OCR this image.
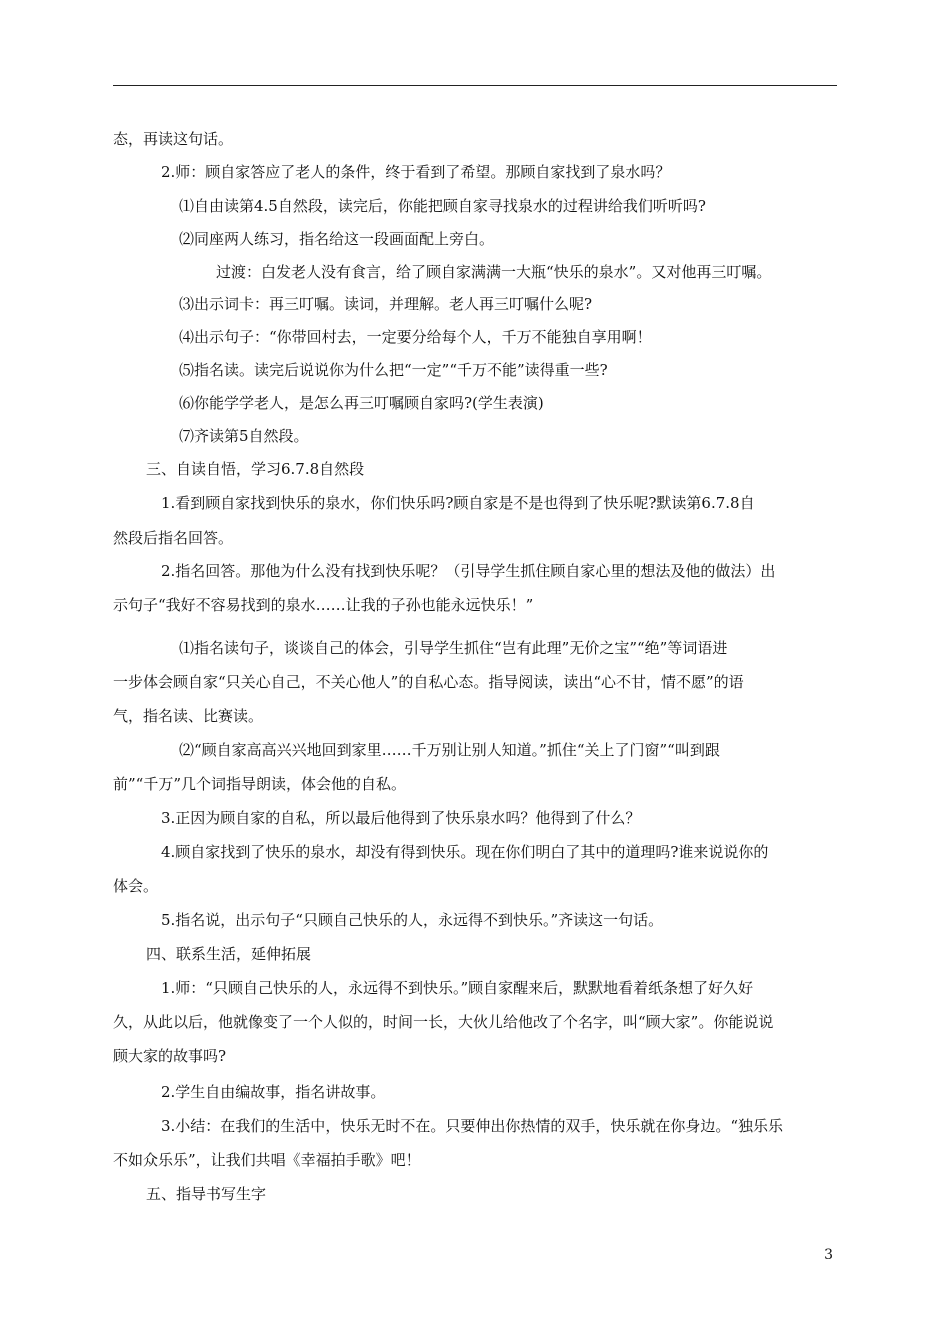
态，再读这句话。
2.师：顾自家答应了老人的条件，终于看到了希望。那顾自家找到了泉水吗？
⑴自由读第4.5自然段，读完后，你能把顾自家寻找泉水的过程讲给我们听听吗?
⑵同座两人练习，指名给这一段画面配上旁白。
过渡：白发老人没有食言，给了顾自家满满一大瓶“快乐的泉水”。又对他再三叮嘱。
⑶出示词卡：再三叮嘱。读词，并理解。老人再三叮嘱什么呢?
⑷出示句子：“你带回村去，一定要分给每个人，千万不能独自享用啊！
⑸指名读。读完后说说你为什么把“一定”“千万不能”读得重一些?
⑹你能学学老人，是怎么再三叮嘱顾自家吗?(学生表演)
⑺齐读第5自然段。
三、自读自悟，学习6.7.8自然段
1.看到顾自家找到快乐的泉水，你们快乐吗?顾自家是不是也得到了快乐呢?默读第6.7.8自
然段后指名回答。
2.指名回答。那他为什么没有找到快乐呢？（引导学生抓住顾自家心里的想法及他的做法）出
示句子“我好不容易找到的泉水……让我的子孙也能永远快乐！”
⑴指名读句子，谈谈自己的体会，引导学生抓住“岂有此理”无价之宝”“绝”等词语进
一步体会顾自家“只关心自己，不关心他人”的自私心态。指导阅读，读出“心不甘，情不愿”的语
气，指名读、比赛读。
⑵“顾自家高高兴兴地回到家里……千万别让别人知道。”抓住“关上了门窗”“叫到跟
前”“千万”几个词指导朗读，体会他的自私。
3.正因为顾自家的自私，所以最后他得到了快乐泉水吗？他得到了什么？
4.顾自家找到了快乐的泉水，却没有得到快乐。现在你们明白了其中的道理吗?谁来说说你的
体会。
5.指名说，出示句子“只顾自己快乐的人，永远得不到快乐。”齐读这一句话。
四、联系生活，延伸拓展
1.师：“只顾自己快乐的人，永远得不到快乐。”顾自家醒来后，默默地看着纸条想了好久好
久，从此以后，他就像变了一个人似的，时间一长，大伙儿给他改了个名字，叫“顾大家”。你能说说
顾大家的故事吗?
2.学生自由编故事，指名讲故事。
3.小结：在我们的生活中，快乐无时不在。只要伸出你热情的双手，快乐就在你身边。“独乐乐
不如众乐乐”，让我们共唱《幸福拍手歌》吧！
五、指导书写生字
3
